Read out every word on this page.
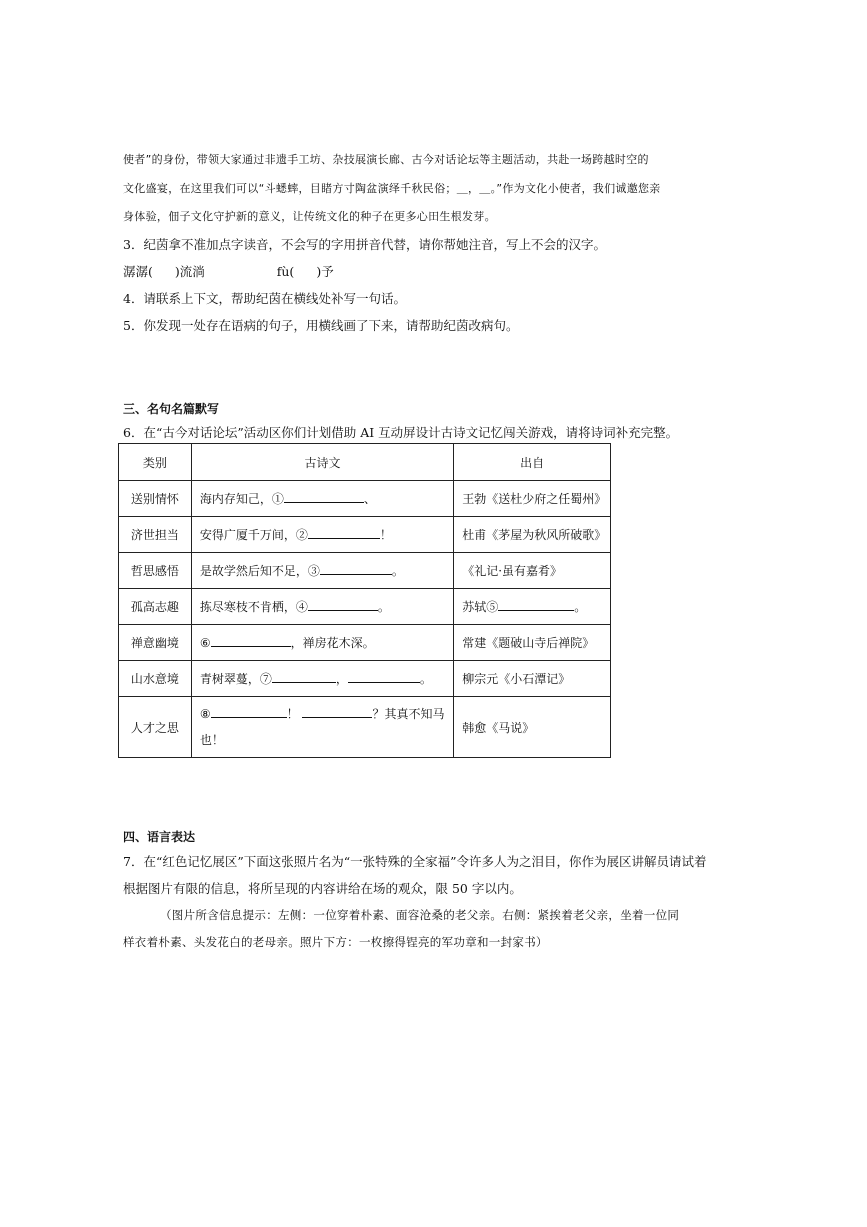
使者”的身份，带领大家通过非遗手工坊、杂技展演长廊、古今对话论坛等主题活动，共赴一场跨越时空的
文化盛宴，在这里我们可以“斗蟋蟀，目睹方寸陶盆演绎千秋民俗；＿，＿。”作为文化小使者，我们诚邀您亲
身体验，佃子文化守护新的意义，让传统文化的种子在更多心田生根发芽。
3．纪茵拿不准加点字读音，不会写的字用拼音代替，请你帮她注音，写上不会的汉字。
潺潺( )流淌	fù( )予
4．请联系上下文，帮助纪茵在横线处补写一句话。
5．你发现一处存在语病的句子，用横线画了下来，请帮助纪茵改病句。
三、名句名篇默写
6．在“古今对话论坛”活动区你们计划借助 AI 互动屏设计古诗文记忆闯关游戏，请将诗词补充完整。
类别	古诗文	出自
送别情怀	海内存知己，① 、	王勃《送杜少府之任蜀州》
济世担当	安得广厦千万间，② ！	杜甫《茅屋为秋风所破歌》
哲思感悟	是故学然后知不足，③ 。	《礼记·虽有嘉肴》
孤高志趣	拣尽寒枝不肯栖，④ 。	苏轼⑤ 。
禅意幽境	⑥ ，禅房花木深。	常建《题破山寺后禅院》
山水意境	青树翠蔓，⑦ ， 。	柳宗元《小石潭记》
人才之思	⑧ ！ ？其真不知马
也！	韩愈《马说》
四、语言表达
7．在“红色记忆展区”下面这张照片名为“一张特殊的全家福”令许多人为之泪目，你作为展区讲解员请试着
根据图片有限的信息，将所呈现的内容讲给在场的观众，限 50 字以内。
（图片所含信息提示：左侧：一位穿着朴素、面容沧桑的老父亲。右侧：紧挨着老父亲，坐着一位同
样衣着朴素、头发花白的老母亲。照片下方：一枚擦得锃亮的军功章和一封家书）
